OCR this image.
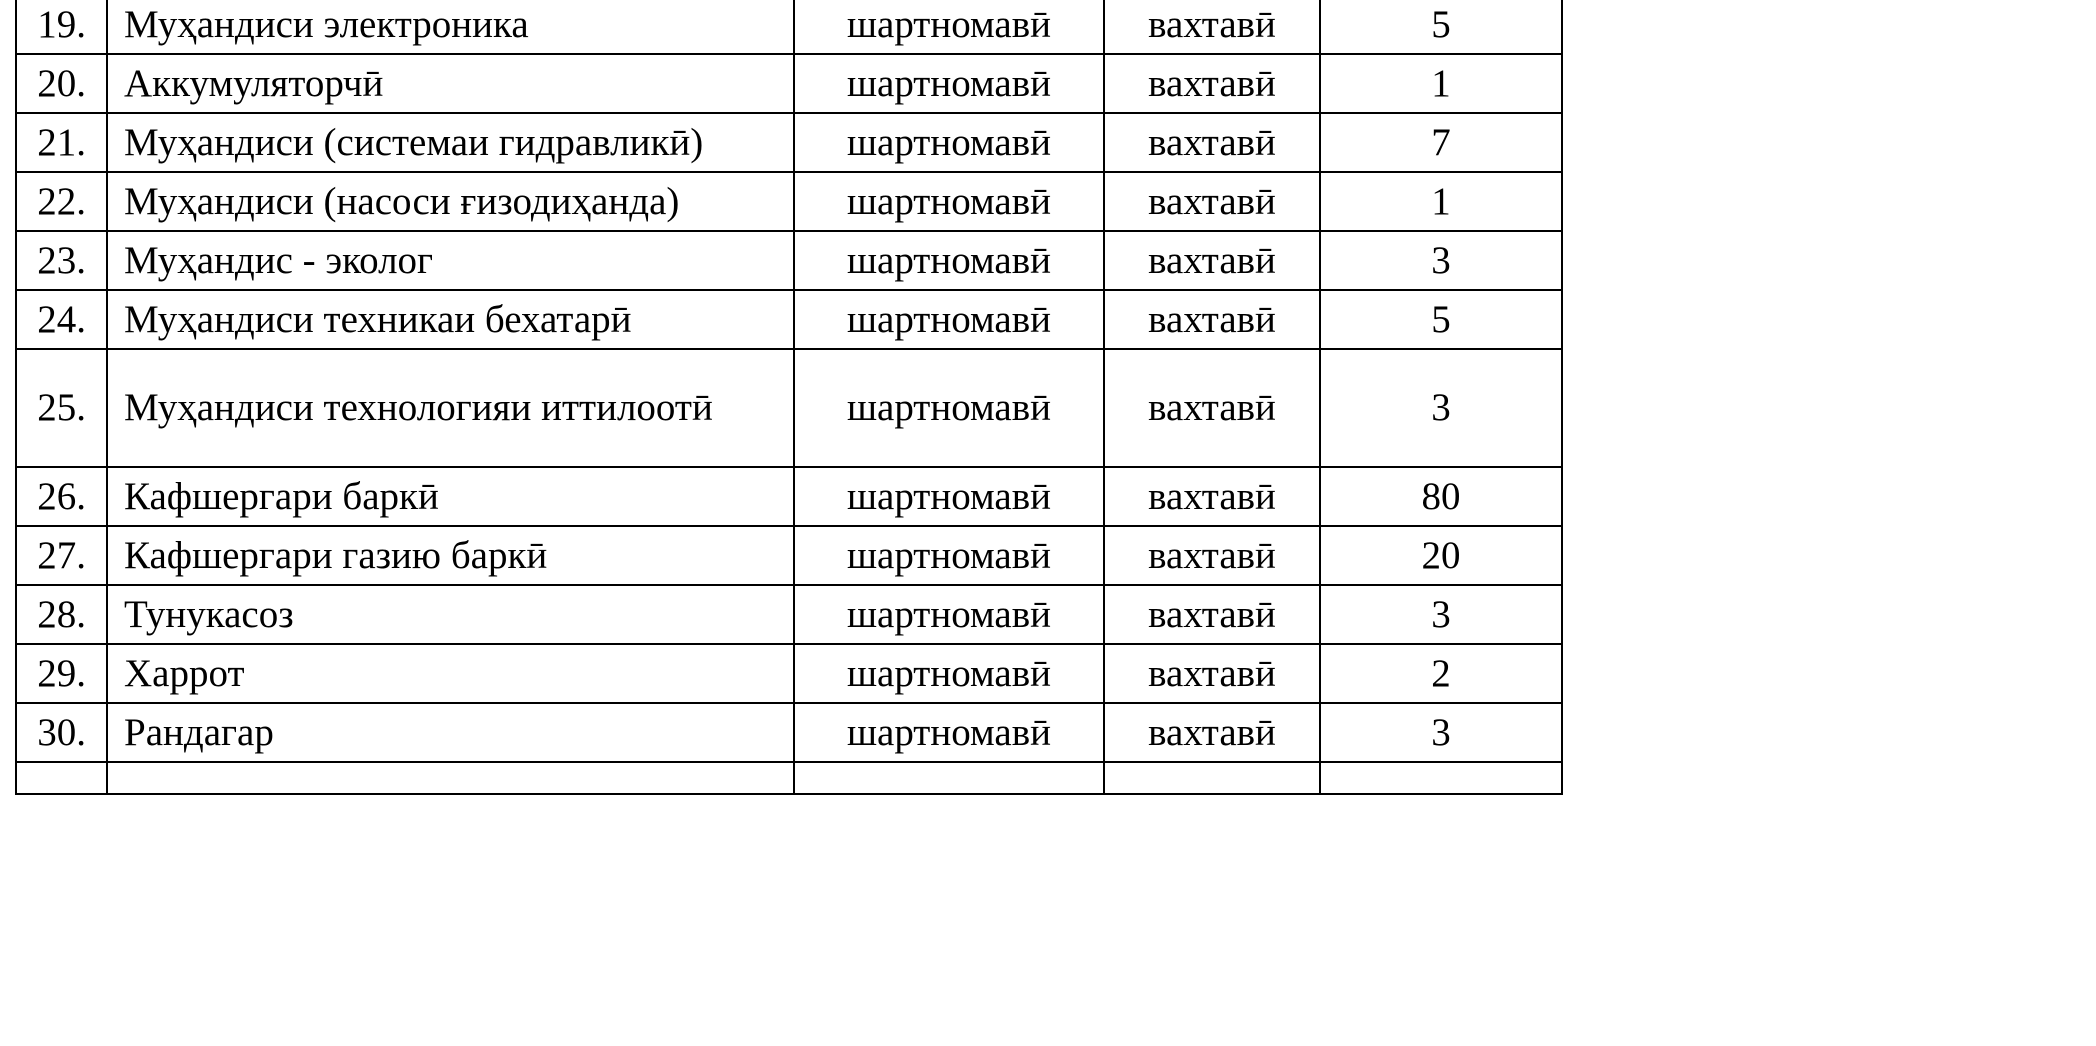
19.	Муҳандиси электроника	шартномавӣ	вахтавӣ	5
20.	Аккумуляторчӣ	шартномавӣ	вахтавӣ	1
21.	Муҳандиси (системаи гидравликӣ)	шартномавӣ	вахтавӣ	7
22.	Муҳандиси (насоси ғизодиҳанда)	шартномавӣ	вахтавӣ	1
23.	Муҳандис - эколог	шартномавӣ	вахтавӣ	3
24.	Муҳандиси техникаи бехатарӣ	шартномавӣ	вахтавӣ	5
25.	Муҳандиси технологияи иттилоотӣ	шартномавӣ	вахтавӣ	3
26.	Кафшергари баркӣ	шартномавӣ	вахтавӣ	80
27.	Кафшергари газию баркӣ	шартномавӣ	вахтавӣ	20
28.	Тунукасоз	шартномавӣ	вахтавӣ	3
29.	Харрот	шартномавӣ	вахтавӣ	2
30.	Рандагар	шартномавӣ	вахтавӣ	3
